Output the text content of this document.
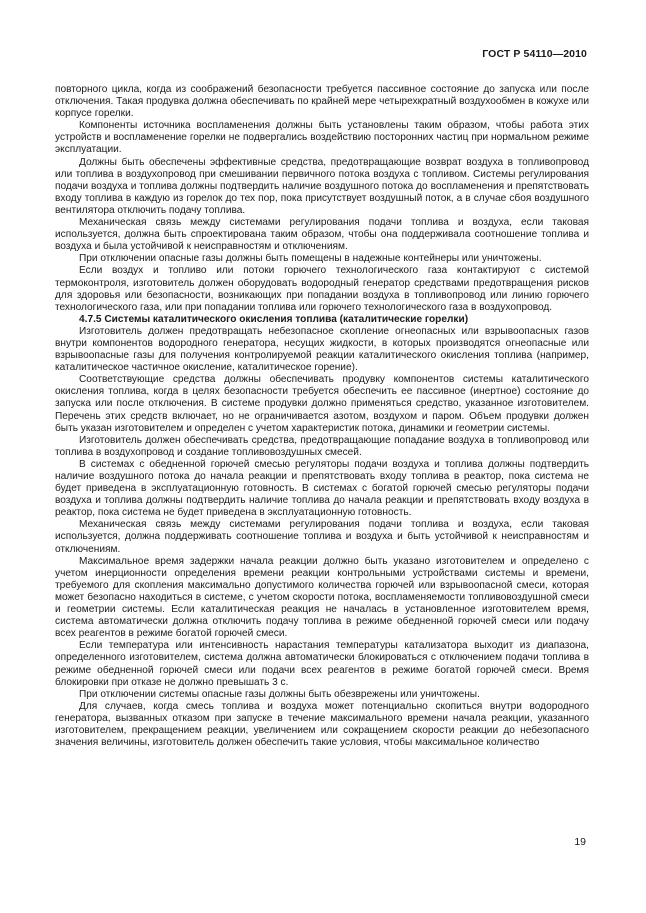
ГОСТ Р 54110—2010

повторного цикла, когда из соображений безопасности требуется пассивное состояние до запуска или после отключения. Такая продувка должна обеспечивать по крайней мере четырехкратный воздухообмен в кожухе или корпусе горелки.

Компоненты источника воспламенения должны быть установлены таким образом, чтобы работа этих устройств и воспламенение горелки не подвергались воздействию посторонних частиц при нормальном режиме эксплуатации.

Должны быть обеспечены эффективные средства, предотвращающие возврат воздуха в топливопровод или топлива в воздухопровод при смешивании первичного потока воздуха с топливом. Системы регулирования подачи воздуха и топлива должны подтвердить наличие воздушного потока до воспламенения и препятствовать входу топлива в каждую из горелок до тех пор, пока присутствует воздушный поток, а в случае сбоя воздушного вентилятора отключить подачу топлива.

Механическая связь между системами регулирования подачи топлива и воздуха, если таковая используется, должна быть спроектирована таким образом, чтобы она поддерживала соотношение топлива и воздуха и была устойчивой к неисправностям и отключениям.

При отключении опасные газы должны быть помещены в надежные контейнеры или уничтожены.

Если воздух и топливо или потоки горючего технологического газа контактируют с системой термоконтроля, изготовитель должен оборудовать водородный генератор средствами предотвращения рисков для здоровья или безопасности, возникающих при попадании воздуха в топливопровод или линию горючего технологического газа, или при попадании топлива или горючего технологического газа в воздухопровод.

4.7.5 Системы каталитического окисления топлива (каталитические горелки)

Изготовитель должен предотвращать небезопасное скопление огнеопасных или взрывоопасных газов внутри компонентов водородного генератора, несущих жидкости, в которых производятся огнеопасные или взрывоопасные газы для получения контролируемой реакции каталитического окисления топлива (например, каталитическое частичное окисление, каталитическое горение).

Соответствующие средства должны обеспечивать продувку компонентов системы каталитического окисления топлива, когда в целях безопасности требуется обеспечить ее пассивное (инертное) состояние до запуска или после отключения. В системе продувки должно применяться средство, указанное изготовителем. Перечень этих средств включает, но не ограничивается азотом, воздухом и паром. Объем продувки должен быть указан изготовителем и определен с учетом характеристик потока, динамики и геометрии системы.

Изготовитель должен обеспечивать средства, предотвращающие попадание воздуха в топливопровод или топлива в воздухопровод и создание топливовоздушных смесей.

В системах с обедненной горючей смесью регуляторы подачи воздуха и топлива должны подтвердить наличие воздушного потока до начала реакции и препятствовать входу топлива в реактор, пока система не будет приведена в эксплуатационную готовность. В системах с богатой горючей смесью регуляторы подачи воздуха и топлива должны подтвердить наличие топлива до начала реакции и препятствовать входу воздуха в реактор, пока система не будет приведена в эксплуатационную готовность.

Механическая связь между системами регулирования подачи топлива и воздуха, если таковая используется, должна поддерживать соотношение топлива и воздуха и быть устойчивой к неисправностям и отключениям.

Максимальное время задержки начала реакции должно быть указано изготовителем и определено с учетом инерционности определения времени реакции контрольными устройствами системы и времени, требуемого для скопления максимально допустимого количества горючей или взрывоопасной смеси, которая может безопасно находиться в системе, с учетом скорости потока, воспламеняемости топливовоздушной смеси и геометрии системы. Если каталитическая реакция не началась в установленное изготовителем время, система автоматически должна отключить подачу топлива в режиме обедненной горючей смеси или подачу всех реагентов в режиме богатой горючей смеси.

Если температура или интенсивность нарастания температуры катализатора выходит из диапазона, определенного изготовителем, система должна автоматически блокироваться с отключением подачи топлива в режиме обедненной горючей смеси или подачи всех реагентов в режиме богатой горючей смеси. Время блокировки при отказе не должно превышать 3 с.

При отключении системы опасные газы должны быть обезврежены или уничтожены.

Для случаев, когда смесь топлива и воздуха может потенциально скопиться внутри водородного генератора, вызванных отказом при запуске в течение максимального времени начала реакции, указанного изготовителем, прекращением реакции, увеличением или сокращением скорости реакции до небезопасного значения величины, изготовитель должен обеспечить такие условия, чтобы максимальное количество

19
